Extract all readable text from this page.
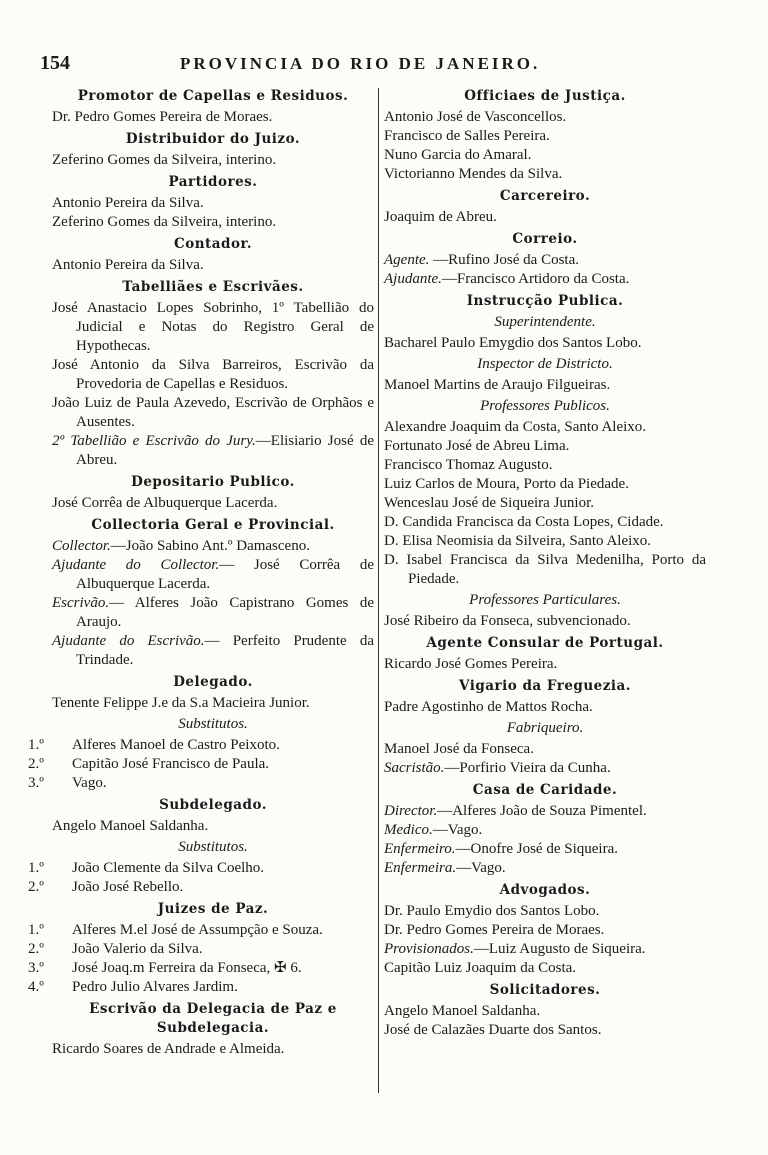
154	PROVINCIA DO RIO DE JANEIRO.
Promotor de Capellas e Residuos.

Dr. Pedro Gomes Pereira de Moraes.

Distribuidor do Juizo.

Zeferino Gomes da Silveira, interino.

Partidores.

Antonio Pereira da Silva.

Zeferino Gomes da Silveira, interino.

Contador.

Antonio Pereira da Silva.

Tabelliães e Escrivães.

José Anastacio Lopes Sobrinho, 1º Tabellião do Judicial e Notas do Registro Geral de Hypothecas.

José Antonio da Silva Barreiros, Escrivão da Provedoria de Capellas e Residuos.

João Luiz de Paula Azevedo, Escrivão de Orphãos e Ausentes.

2º Tabellião e Escrivão do Jury.—Elisiario José de Abreu.

Depositario Publico.

José Corrêa de Albuquerque Lacerda.

Collectoria Geral e Provincial.

Collector.—João Sabino Ant.º Damasceno.

Ajudante do Collector.— José Corrêa de Albuquerque Lacerda.

Escrivão.— Alferes João Capistrano Gomes de Araujo.

Ajudante do Escrivão.— Perfeito Prudente da Trindade.

Delegado.

Tenente Felippe J.e da S.a Macieira Junior.

Substitutos.

1.º Alferes Manoel de Castro Peixoto.

2.º Capitão José Francisco de Paula.

3.º Vago.

Subdelegado.

Angelo Manoel Saldanha.

Substitutos.

1.º João Clemente da Silva Coelho.

2.º João José Rebello.

Juizes de Paz.

1.º Alferes M.el José de Assumpção e Souza.

2.º João Valerio da Silva.

3.º José Joaq.m Ferreira da Fonseca, ✠ 6.

4.º Pedro Julio Alvares Jardim.

Escrivão da Delegacia de Paz e Subdelegacia.

Ricardo Soares de Andrade e Almeida.

Officiaes de Justiça.

Antonio José de Vasconcellos.

Francisco de Salles Pereira.

Nuno Garcia do Amaral.

Victorianno Mendes da Silva.

Carcereiro.

Joaquim de Abreu.

Correio.

Agente. —Rufino José da Costa.

Ajudante.—Francisco Artidoro da Costa.

Instrucção Publica.
Superintendente.

Bacharel Paulo Emygdio dos Santos Lobo.

Inspector de Districto.

Manoel Martins de Araujo Filgueiras.

Professores Publicos.

Alexandre Joaquim da Costa, Santo Aleixo.

Fortunato José de Abreu Lima.

Francisco Thomaz Augusto.

Luiz Carlos de Moura, Porto da Piedade.

Wenceslau José de Siqueira Junior.

D. Candida Francisca da Costa Lopes, Cidade.

D. Elisa Neomisia da Silveira, Santo Aleixo.

D. Isabel Francisca da Silva Medenilha, Porto da Piedade.

Professores Particulares.

José Ribeiro da Fonseca, subvencionado.

Agente Consular de Portugal.

Ricardo José Gomes Pereira.

Vigario da Freguezia.

Padre Agostinho de Mattos Rocha.

Fabriqueiro.

Manoel José da Fonseca.

Sacristão.—Porfirio Vieira da Cunha.

Casa de Caridade.

Director.—Alferes João de Souza Pimentel.

Medico.—Vago.

Enfermeiro.—Onofre José de Siqueira.

Enfermeira.—Vago.

Advogados.

Dr. Paulo Emydio dos Santos Lobo.

Dr. Pedro Gomes Pereira de Moraes.

Provisionados.—Luiz Augusto de Siqueira.

Capitão Luiz Joaquim da Costa.

Solicitadores.

Angelo Manoel Saldanha.

José de Calazães Duarte dos Santos.
